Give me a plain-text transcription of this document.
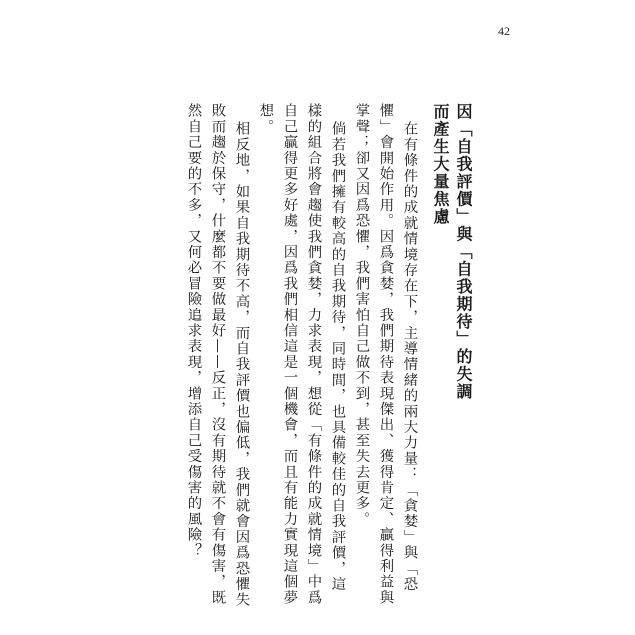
42
因「自我評價」與「自我期待」的失調
而產生大量焦慮
在有條件的成就情境存在下，主導情緒的兩大力量：「貪婪」與「恐
懼」會開始作用。因爲貪婪，我們期待表現傑出、獲得肯定、贏得利益與
掌聲；卻又因爲恐懼，我們害怕自己做不到，甚至失去更多。
倘若我們擁有較高的自我期待，同時間，也具備較佳的自我評價，這
樣的組合將會趨使我們貪婪，力求表現，想從「有條件的成就情境」中爲
自己贏得更多好處，因爲我們相信這是一個機會，而且有能力實現這個夢
想。
相反地，如果自我期待不高，而自我評價也偏低，我們就會因爲恐懼失
敗而趨於保守，什麼都不要做最好——反正，沒有期待就不會有傷害，既
然自己要的不多，又何必冒險追求表現，增添自己受傷害的風險？
